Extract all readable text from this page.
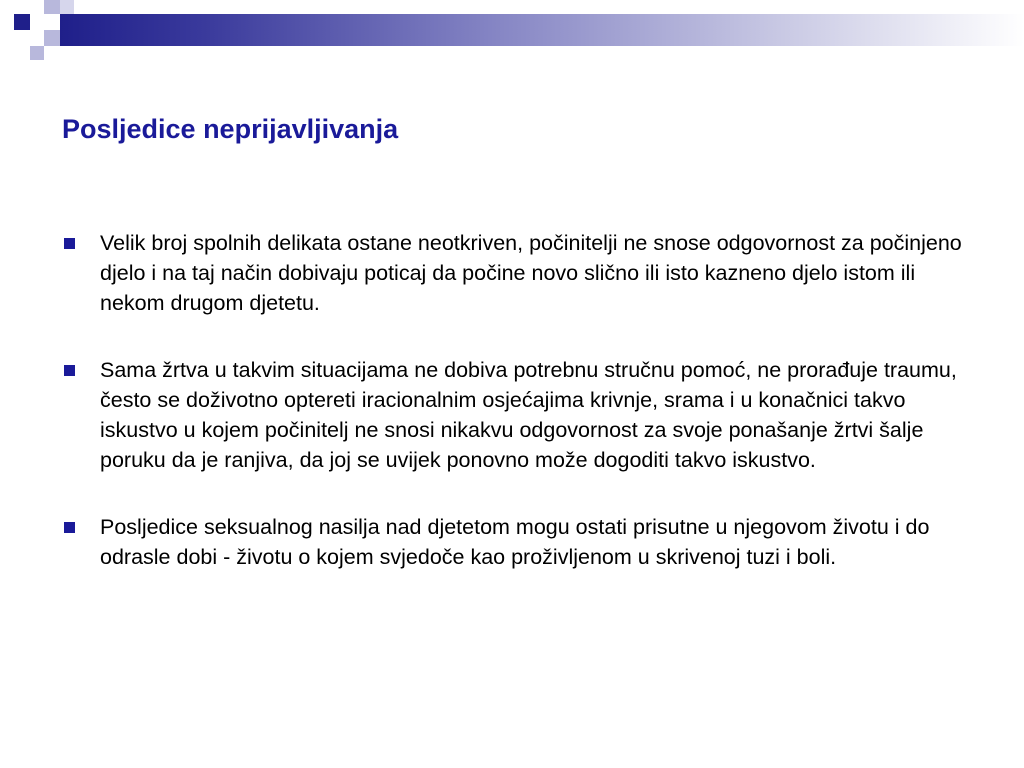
Posljedice neprijavljivanja
Velik broj spolnih delikata ostane neotkriven, počinitelji ne snose odgovornost za počinjeno djelo i na taj način dobivaju poticaj da počine novo slično ili isto kazneno djelo istom ili nekom drugom djetetu.
Sama žrtva u takvim situacijama ne dobiva potrebnu stručnu pomoć, ne prorađuje traumu, često se doživotno optereti iracionalnim osjećajima krivnje, srama i u konačnici takvo iskustvo u kojem počinitelj ne snosi nikakvu odgovornost za svoje ponašanje žrtvi šalje poruku da je ranjiva, da joj se uvijek ponovno može dogoditi takvo iskustvo.
Posljedice seksualnog nasilja nad djetetom mogu ostati prisutne u njegovom životu i do odrasle dobi - životu o kojem svjedoče kao proživljenom u skrivenoj tuzi i boli.
